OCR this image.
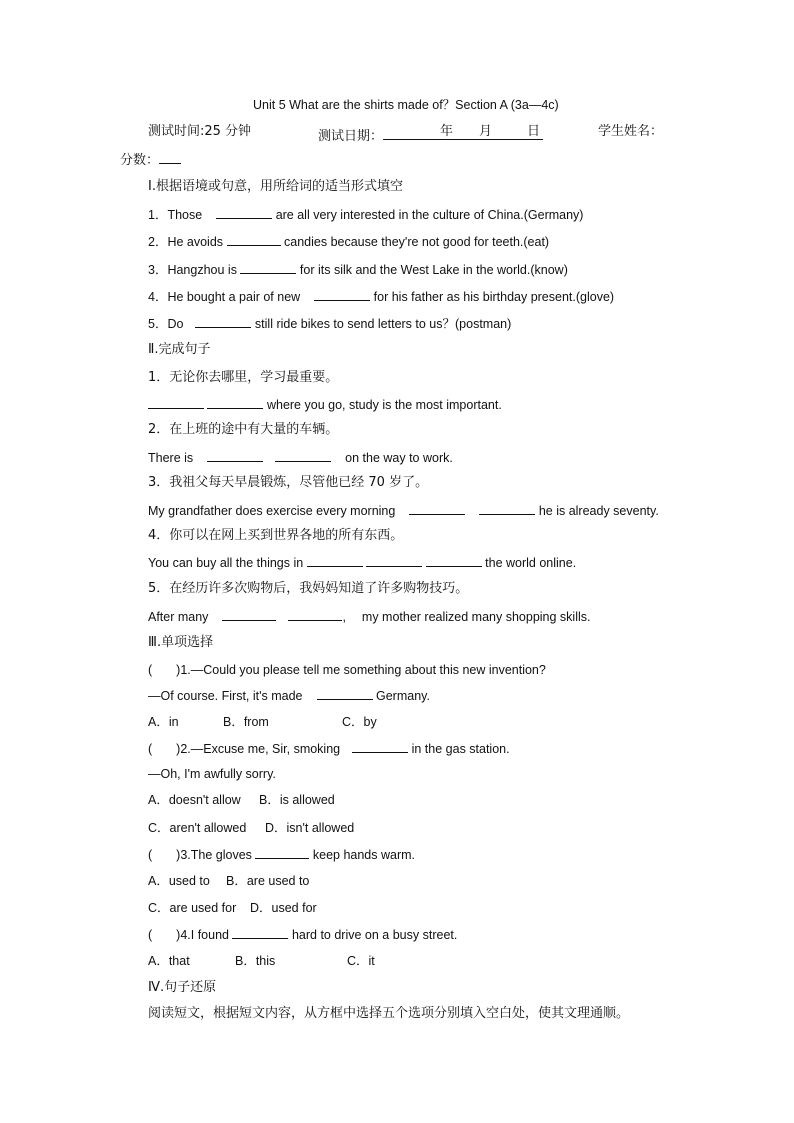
Unit 5 What are the shirts made of？Section A (3a—4c)
测试时间:25 分钟	测试日期：	年 月	日	学生姓名：
分数：
Ⅰ.根据语境或句意，用所给词的适当形式填空
1．Those	are all very interested in the culture of China.(Germany)
2．He avoids	candies because they're not good for teeth.(eat)
3．Hangzhou is	for its silk and the West Lake in the world.(know)
4．He bought a pair of new	for his father as his birthday present.(glove)
5．Do	still ride bikes to send letters to us？(postman)
Ⅱ.完成句子
1．无论你去哪里，学习最重要。
where you go, study is the most important.
2．在上班的途中有大量的车辆。
There is	on the way to work.
3．我祖父每天早晨锻炼，尽管他已经 70 岁了。
My grandfather does exercise every morning	he is already seventy.
4．你可以在网上买到世界各地的所有东西。
You can buy all the things in	the world online.
5．在经历许多次购物后，我妈妈知道了许多购物技巧。
After many	, my mother realized many shopping skills.
Ⅲ.单项选择
( )1.—Could you please tell me something about this new invention?
—Of course. First, it's made	Germany.
A．in	B．from	C．by
( )2.—Excuse me, Sir, smoking	in the gas station.
—Oh, I'm awfully sorry.
A．doesn't allow B．is allowed
C．aren't allowed D．isn't allowed
( )3.The gloves	keep hands warm.
A．used to B．are used to
C．are used for D．used for
( )4.I found	hard to drive on a busy street.
A．that	B．this	C．it
Ⅳ.句子还原
阅读短文，根据短文内容，从方框中选择五个选项分别填入空白处，使其文理通顺。
